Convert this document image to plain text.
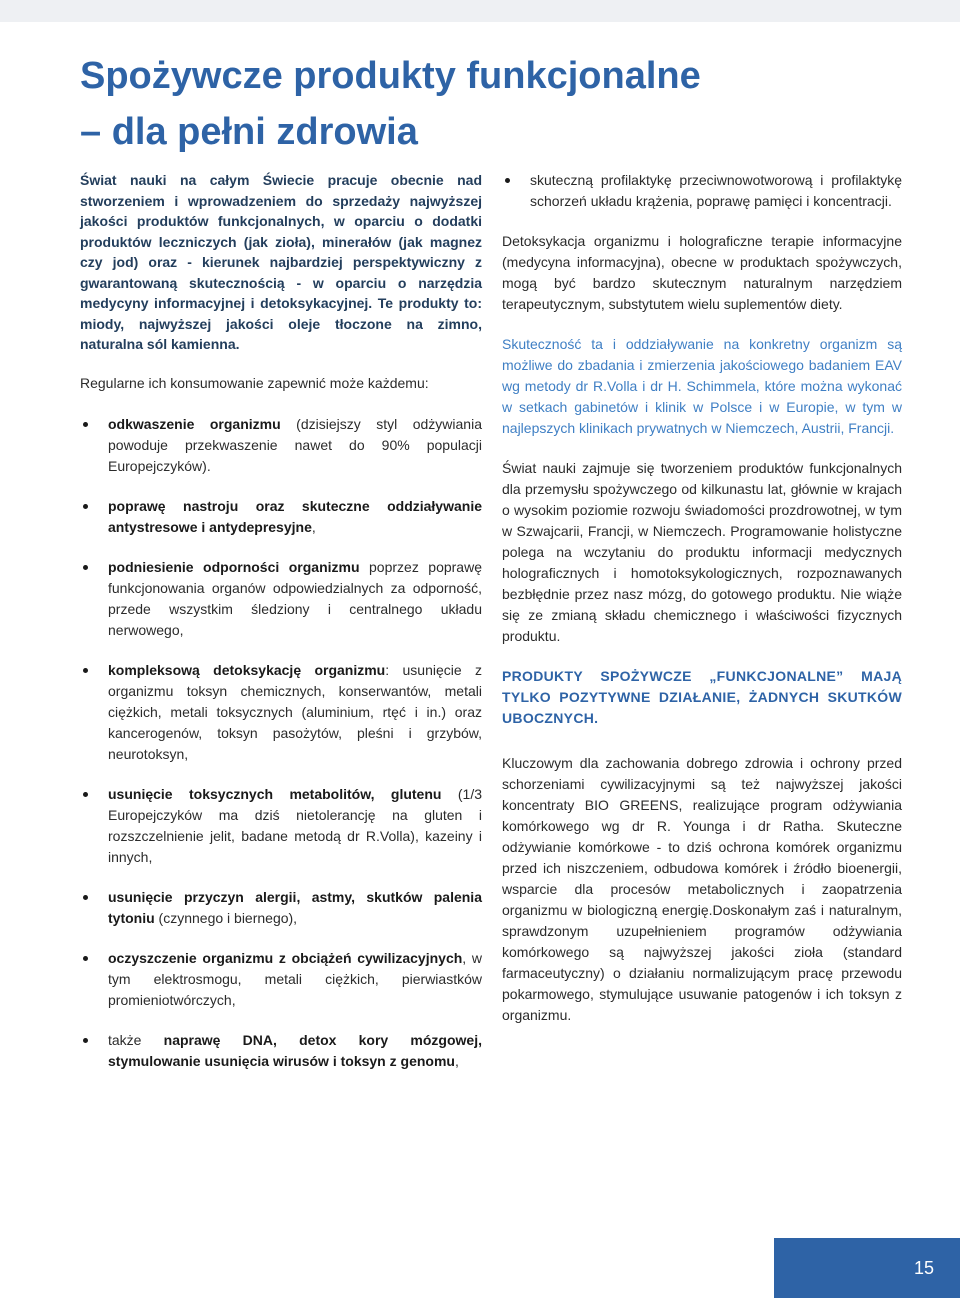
Spożywcze produkty funkcjonalne
– dla pełni zdrowia

Świat nauki na całym Świecie pracuje obecnie nad stworzeniem i wprowadzeniem do sprzedaży najwyższej jakości produktów funkcjonalnych, w oparciu o dodatki produktów leczniczych (jak zioła), minerałów (jak magnez czy jod) oraz - kierunek najbardziej perspektywiczny z gwarantowaną skutecznością - w oparciu o narzędzia medycyny informacyjnej i detoksykacyjnej. Te produkty to: miody, najwyższej jakości oleje tłoczone na zimno, naturalna sól kamienna.

Regularne ich konsumowanie zapewnić może każdemu:

odkwaszenie organizmu (dzisiejszy styl odżywiania powoduje przekwaszenie nawet do 90% populacji Europejczyków).
poprawę nastroju oraz skuteczne oddziaływanie antystresowe i antydepresyjne,
podniesienie odporności organizmu poprzez poprawę funkcjonowania organów odpowiedzialnych za odporność, przede wszystkim śledziony i centralnego układu nerwowego,
kompleksową detoksykację organizmu: usunięcie z organizmu toksyn chemicznych, konserwantów, metali ciężkich, metali toksycznych (aluminium, rtęć i in.) oraz kancerogenów, toksyn pasożytów, pleśni i grzybów, neurotoksyn,
usunięcie toksycznych metabolitów, glutenu (1/3 Europejczyków ma dziś nietolerancję na gluten i rozszczelnienie jelit, badane metodą dr R.Volla), kazeiny i innych,
usunięcie przyczyn alergii, astmy, skutków palenia tytoniu (czynnego i biernego),
oczyszczenie organizmu z obciążeń cywilizacyjnych, w tym elektrosmogu, metali ciężkich, pierwiastków promieniotwórczych,
także naprawę DNA, detox kory mózgowej, stymulowanie usunięcia wirusów i toksyn z genomu,
skuteczną profilaktykę przeciwnowotworową i profilaktykę schorzeń układu krążenia, poprawę pamięci i koncentracji.

Detoksykacja organizmu i holograficzne terapie informacyjne (medycyna informacyjna), obecne w produktach spożywczych, mogą być bardzo skutecznym naturalnym narzędziem terapeutycznym, substytutem wielu suplementów diety.

Skuteczność ta i oddziaływanie na konkretny organizm są możliwe do zbadania i zmierzenia jakościowego badaniem EAV wg metody dr R.Volla i dr H. Schimmela, które można wykonać w setkach gabinetów i klinik w Polsce i w Europie, w tym w najlepszych klinikach prywatnych w Niemczech, Austrii, Francji.

Świat nauki zajmuje się tworzeniem produktów funkcjonalnych dla przemysłu spożywczego od kilkunastu lat, głównie w krajach o wysokim poziomie rozwoju świadomości prozdrowotnej, w tym w Szwajcarii, Francji, w Niemczech. Programowanie holistyczne polega na wczytaniu do produktu informacji medycznych holograficznych i homotoksykologicznych, rozpoznawanych bezbłędnie przez nasz mózg, do gotowego produktu. Nie wiąże się ze zmianą składu chemicznego i właściwości fizycznych produktu.

PRODUKTY SPOŻYWCZE „FUNKCJONALNE” MAJĄ TYLKO POZYTYWNE DZIAŁANIE, ŻADNYCH SKUTKÓW UBOCZNYCH.

Kluczowym dla zachowania dobrego zdrowia i ochrony przed schorzeniami cywilizacyjnymi są też najwyższej jakości koncentraty BIO GREENS, realizujące program odżywiania komórkowego wg dr R. Younga i dr Ratha. Skuteczne odżywianie komórkowe - to dziś ochrona komórek organizmu przed ich niszczeniem, odbudowa komórek i źródło bioenergii, wsparcie dla procesów metabolicznych i zaopatrzenia organizmu w biologiczną energię.Doskonałym zaś i naturalnym, sprawdzonym uzupełnieniem programów odżywiania komórkowego są najwyższej jakości zioła (standard farmaceutyczny) o działaniu normalizującym pracę przewodu pokarmowego, stymulujące usuwanie patogenów i ich toksyn z organizmu.

15
